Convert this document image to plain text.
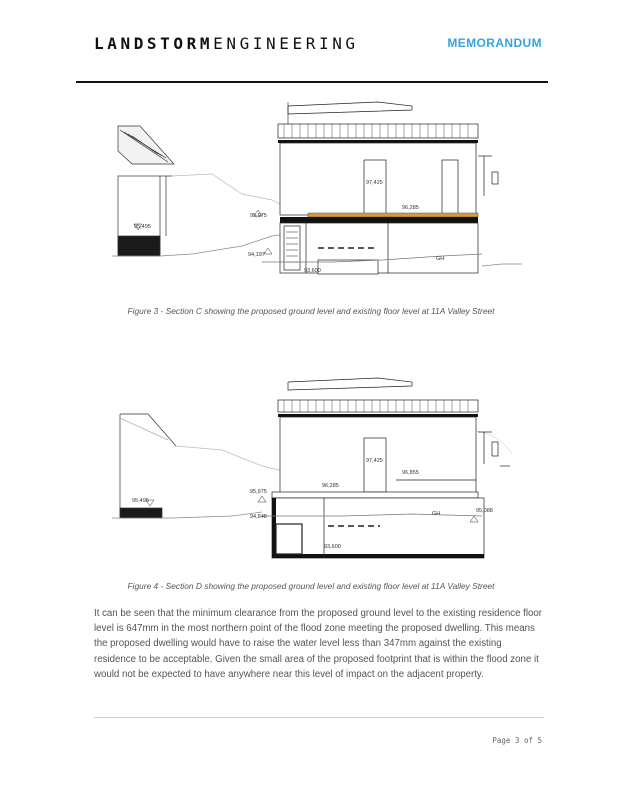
LANDSTORMENGINEERING	MEMORANDUM
97,425
96,285
95,975
95,495
94,197
93,600
GH
Figure 3 - Section C showing the proposed ground level and existing floor level at 11A Valley Street
97,425
96,855
96,285
95,975
95,495
94,848
95,088
93,600
GH
Figure 4 - Section D showing the proposed ground level and existing floor level at 11A Valley Street

It can be seen that the minimum clearance from the proposed ground level to the existing residence floor level is 647mm in the most northern point of the flood zone meeting the proposed dwelling. This means the proposed dwelling would have to raise the water level less than 347mm against the existing residence to be acceptable. Given the small area of the proposed footprint that is within the flood zone it would not be expected to have anywhere near this level of impact on the adjacent property.

Page 3 of 5
